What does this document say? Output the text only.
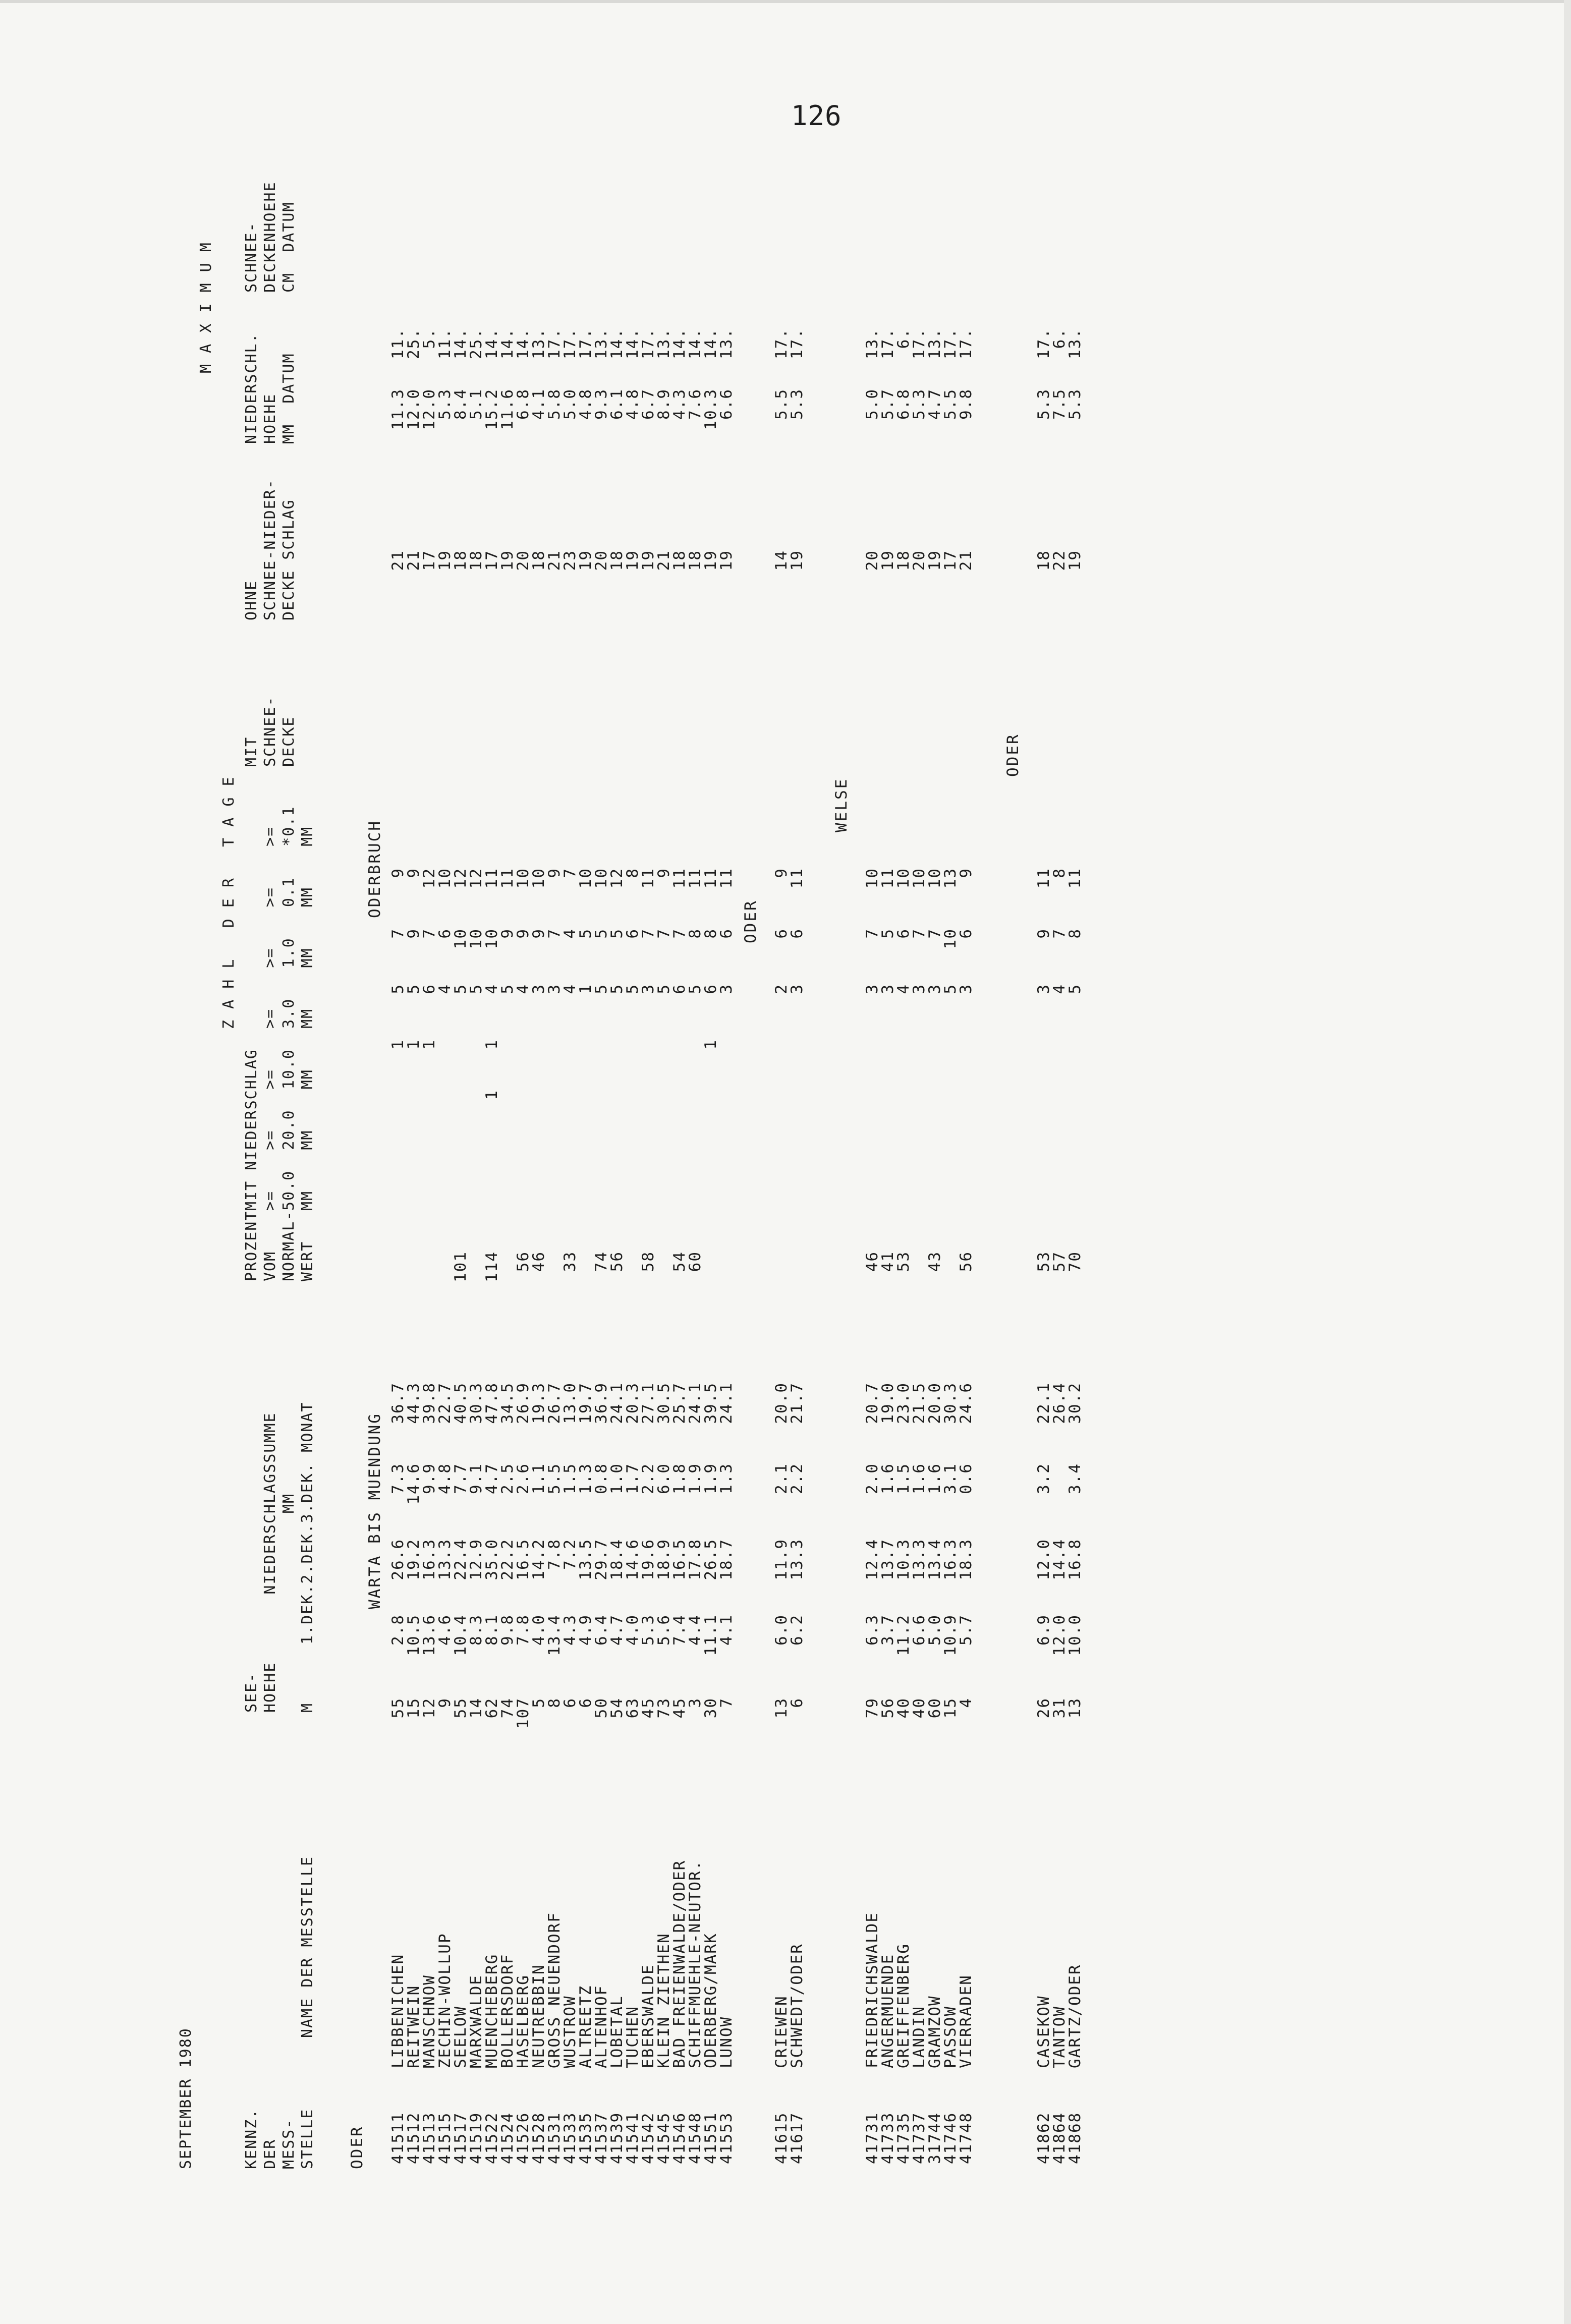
126
SEPTEMBER 1980	KENNZ.
DER
MESS-
STELLE
NAME DER MESSTELLE
SEE-
HOEHE

M
NIEDERSCHLAGSSUMME
MM 1.DEK.2.DEK.3.DEK. MONAT
PROZENT
VOM
NORMAL-
WERT
Z A H L   D E R   T A G E
MIT NIEDERSCHLAG >=    >=    >=    >=    >=    >=    >=
50.0  20.0  10.0  3.0   1.0   0.1   *0.1
MM    MM    MM    MM    MM    MM    MM
MIT
SCHNEE-
DECKE
OHNE
SCHNEE-NIEDER-
DECKE SCHLAG
M A X I M U M
NIEDERSCHL.
HOEHE
MM  DATUM
SCHNEE-
DECKENHOEHE
CM  DATUM
ODER
WARTA BIS MUENDUNG
ODERBRUCH
41511
LIBBENICHEN
55
2.8
26.6
7.3
36.7
1
5
7
9
21
11.3
11.
41512
REITWEIN
15
10.5
19.2
14.6
44.3
1
5
9
9
21
12.0
25.
41513
MANSCHNOW
12
13.6
16.3
9.9
39.8
1
6
7
12
17
12.0
5.
41515
ZECHIN-WOLLUP
9
4.6
13.3
4.8
22.7
4
6
10
19
5.3
11.
41517
SEELOW
55
10.4
22.4
7.7
40.5
101
5
10
12
18
8.4
14.
41519
MARXWALDE
14
8.3
12.9
9.1
30.3
5
10
12
18
5.1
25.
41522
MUENCHEBERG
62
8.1
35.0
4.7
47.8
114
1
1
4
10
11
17
15.2
14.
41524
BOLLERSDORF
74
9.8
22.2
2.5
34.5
5
9
11
19
11.6
14.
41526
HASELBERG
107
7.8
16.5
2.6
26.9
56
4
9
10
20
6.8
14.
41528
NEUTREBBIN
5
4.0
14.2
1.1
19.3
46
3
9
10
18
4.1
13.
41531
GROSS NEUENDORF
8
13.4
7.8
5.5
26.7
3
7
9
21
5.8
17.
41533
WUSTROW
6
4.3
7.2
1.5
13.0
33
4
4
7
23
5.0
17.
41535
ALTREETZ
6
4.9
13.5
1.3
19.7
1
5
10
19
4.8
17.
41537
ALTENHOF
50
6.4
29.7
0.8
36.9
74
5
5
10
20
9.3
13.
41539
LOBETAL
54
4.7
18.4
1.0
24.1
56
5
5
12
18
6.1
14.
41541
TUCHEN
63
4.0
14.6
1.7
20.3
5
6
8
19
4.8
14.
41542
EBERSWALDE
45
5.3
19.6
2.2
27.1
58
3
7
11
19
6.7
17.
41545
KLEIN ZIETHEN
73
5.6
18.9
6.0
30.5
5
7
9
21
8.9
13.
41546
BAD FREIENWALDE/ODER
45
7.4
16.5
1.8
25.7
54
6
7
11
18
4.3
14.
41548
SCHIFFMUEHLE-NEUTOR.
3
4.4
17.8
1.9
24.1
60
5
8
11
18
7.6
14.
41551
ODERBERG/MARK
30
11.1
26.5
1.9
39.5
1
6
8
11
19
10.3
14.
41553
LUNOW
7
4.1
18.7
1.3
24.1
3
6
11
19
6.6
13.
ODER
41615
CRIEWEN
13
6.0
11.9
2.1
20.0
2
6
9
14
5.5
17.
41617
SCHWEDT/ODER
6
6.2
13.3
2.2
21.7
3
6
11
19
5.3
17.
WELSE
41731
FRIEDRICHSWALDE
79
6.3
12.4
2.0
20.7
46
3
7
10
20
5.0
13.
41733
ANGERMUENDE
56
3.7
13.7
1.6
19.0
41
3
5
11
19
5.7
17.
41735
GREIFFENBERG
40
11.2
10.3
1.5
23.0
53
4
6
10
18
6.8
6.
41737
LANDIN
40
6.6
13.3
1.6
21.5
3
7
10
20
5.3
17.
31744
GRAMZOW
60
5.0
13.4
1.6
20.0
43
3
7
10
19
4.7
13.
41746
PASSOW
15
10.9
16.3
3.1
30.3
5
10
13
17
5.5
17.
41748
VIERRADEN
4
5.7
18.3
0.6
24.6
56
3
6
9
21
9.8
17.
ODER
41862
CASEKOW
26
6.9
12.0
3.2
22.1
53
3
9
11
18
5.3
17.
41864
TANTOW
31
12.0
14.4
26.4
57
4
7
8
22
7.5
6.
41868
GARTZ/ODER
13
10.0
16.8
3.4
30.2
70
5
8
11
19
5.3
13.
